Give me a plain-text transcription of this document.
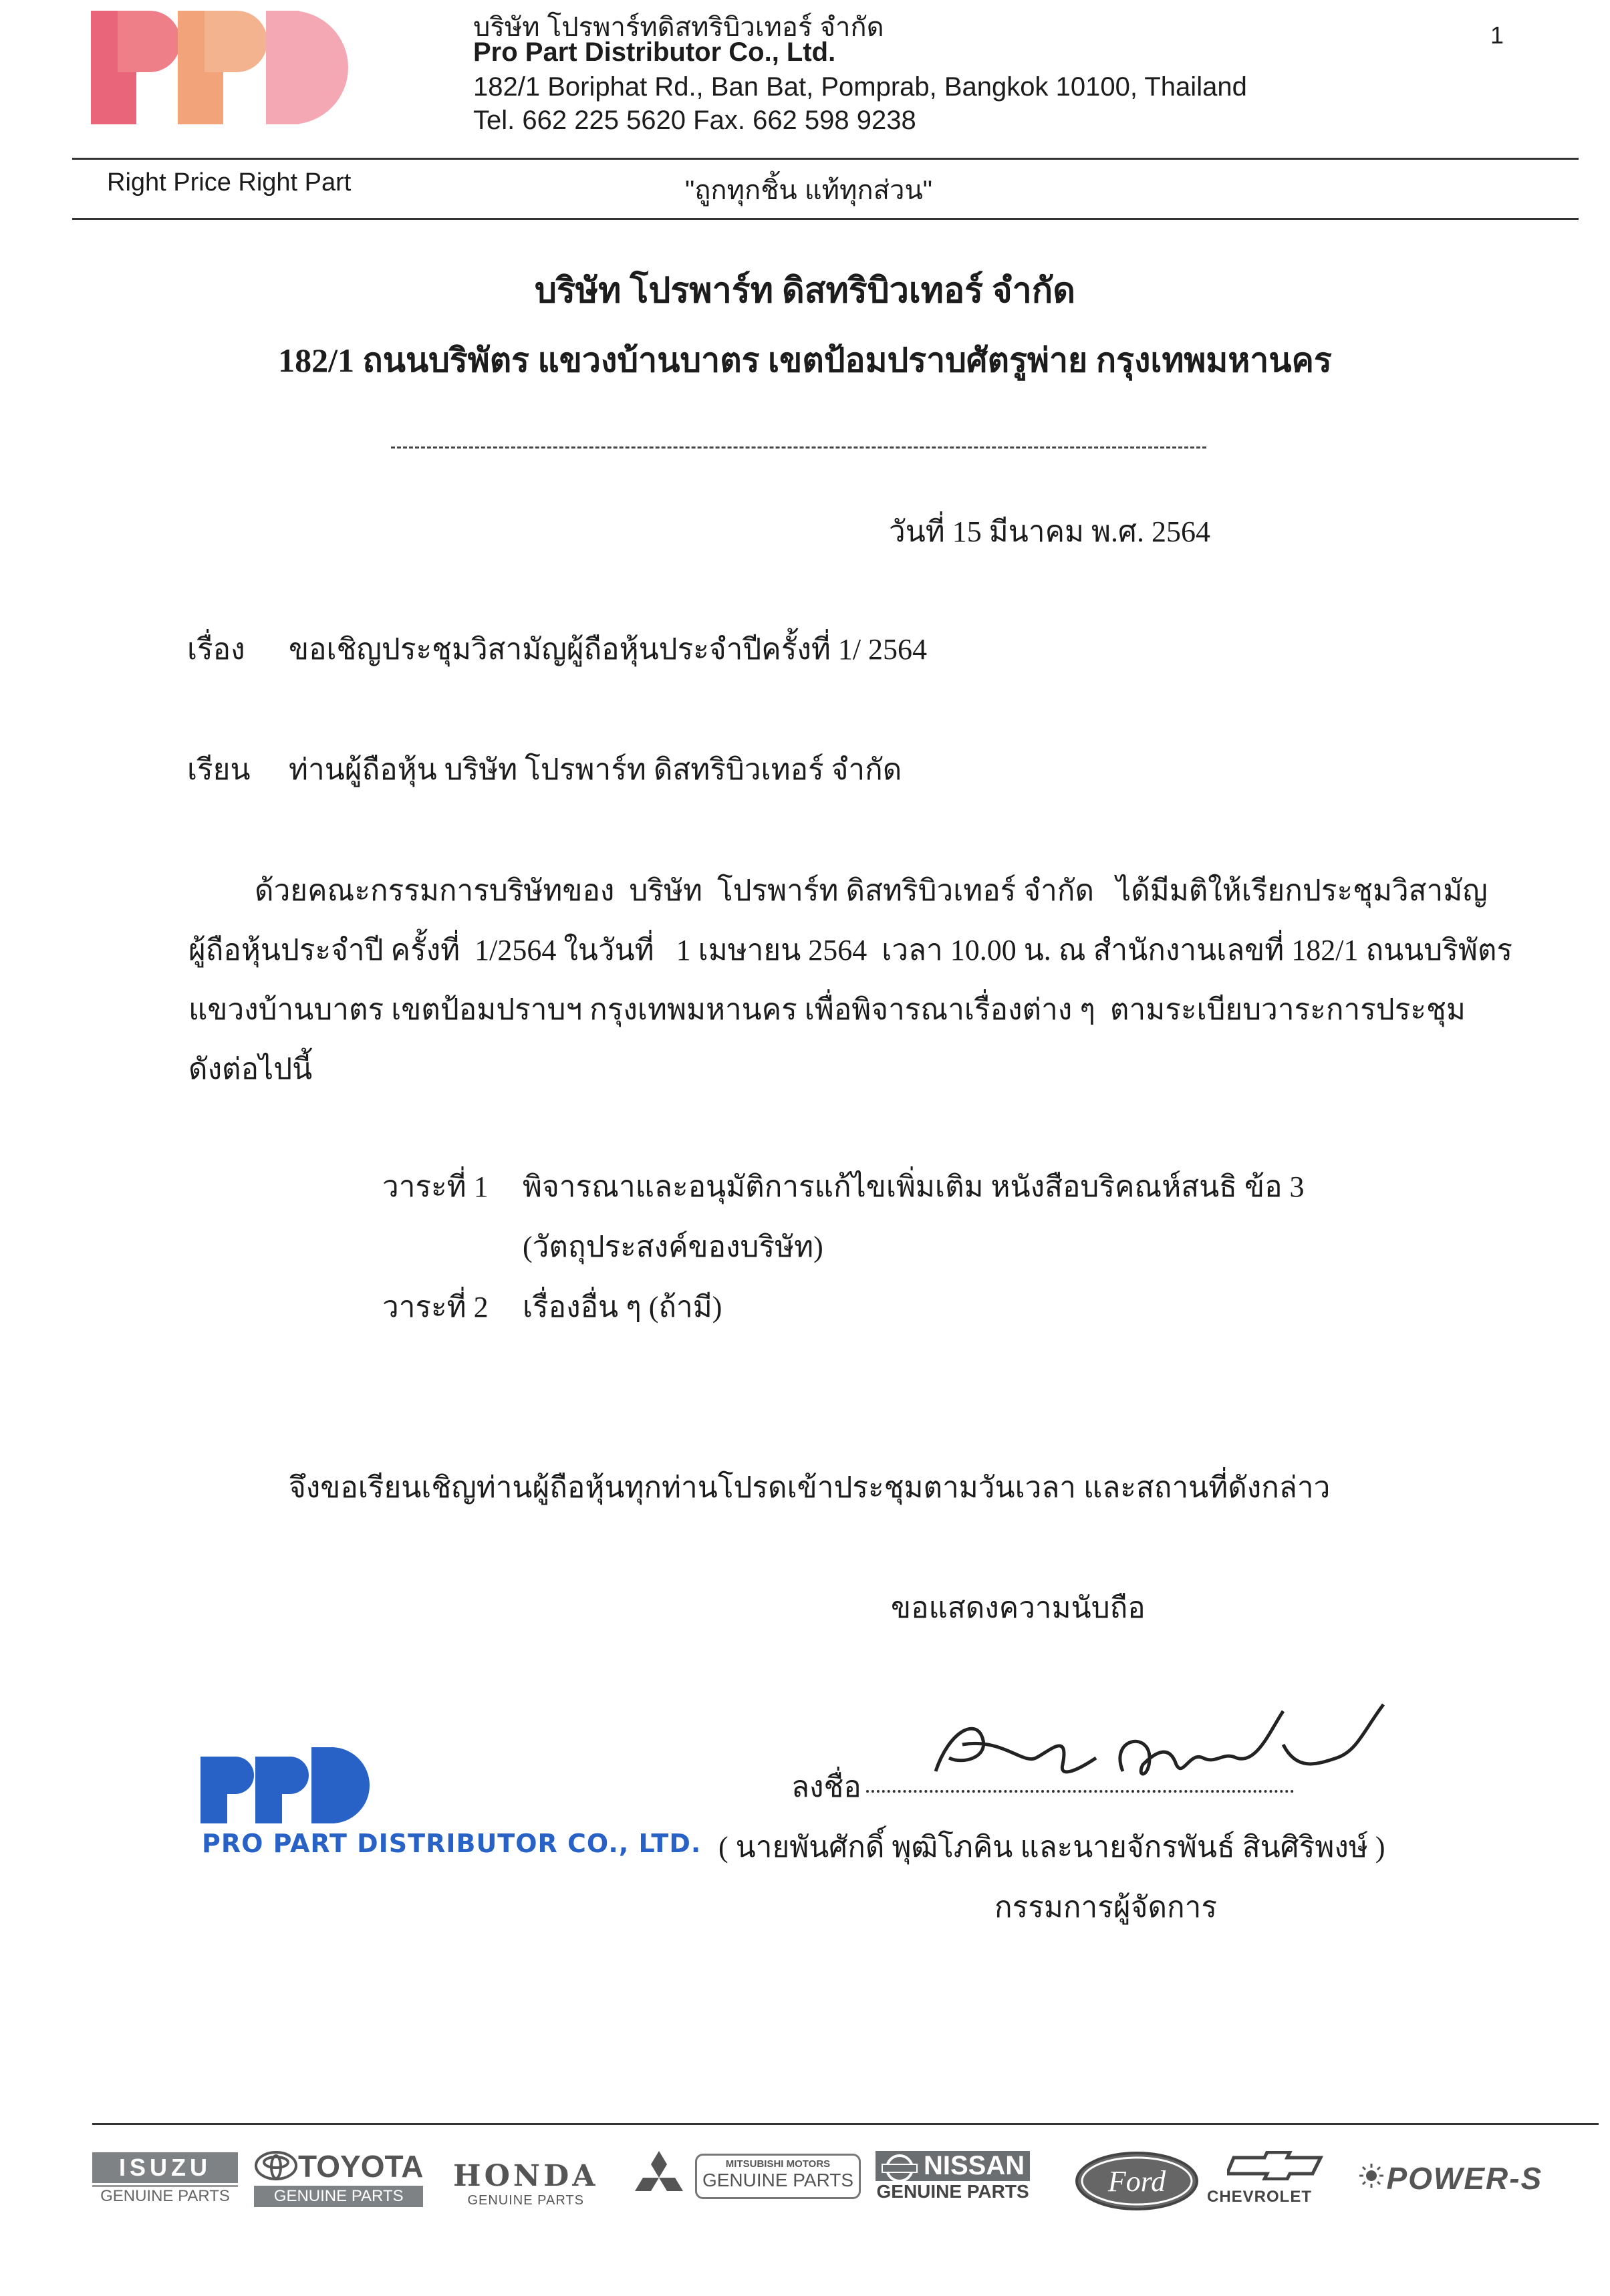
บริษัท โปรพาร์ทดิสทริบิวเทอร์ จำกัด
Pro Part Distributor Co., Ltd.
182/1 Boriphat Rd., Ban Bat, Pomprab, Bangkok 10100, Thailand
Tel. 662 225 5620 Fax. 662 598 9238
1
Right Price Right Part	"ถูกทุกชิ้น แท้ทุกส่วน"
บริษัท โปรพาร์ท ดิสทริบิวเทอร์ จำกัด
182/1 ถนนบริพัตร แขวงบ้านบาตร เขตป้อมปราบศัตรูพ่าย กรุงเทพมหานคร
วันที่ 15 มีนาคม พ.ศ. 2564
เรื่อง ขอเชิญประชุมวิสามัญผู้ถือหุ้นประจำปีครั้งที่ 1/ 2564
เรียน ท่านผู้ถือหุ้น บริษัท โปรพาร์ท ดิสทริบิวเทอร์ จำกัด

ด้วยคณะกรรมการบริษัทของ  บริษัท  โปรพาร์ท ดิสทริบิวเทอร์ จำกัด   ได้มีมติให้เรียกประชุมวิสามัญ

ผู้ถือหุ้นประจำปี ครั้งที่  1/2564 ในวันที่   1 เมษายน 2564  เวลา 10.00 น. ณ สำนักงานเลขที่ 182/1 ถนนบริพัตร

แขวงบ้านบาตร เขตป้อมปราบฯ กรุงเทพมหานคร เพื่อพิจารณาเรื่องต่าง ๆ  ตามระเบียบวาระการประชุม

ดังต่อไปนี้

วาระที่ 1 พิจารณาและอนุมัติการแก้ไขเพิ่มเติม หนังสือบริคณห์สนธิ ข้อ 3
(วัตถุประสงค์ของบริษัท)
วาระที่ 2 เรื่องอื่น ๆ (ถ้ามี)
จึงขอเรียนเชิญท่านผู้ถือหุ้นทุกท่านโปรดเข้าประชุมตามวันเวลา และสถานที่ดังกล่าว
ขอแสดงความนับถือ
PRO PART DISTRIBUTOR CO., LTD.
ลงชื่อ
( นายพันศักดิ์ พุฒิโภคิน และนายจักรพันธ์ สินศิริพงษ์ )
กรรมการผู้จัดการ
ISUZU
GENUINE PARTS
TOYOTA
GENUINE PARTS
HONDA
GENUINE PARTS
MITSUBISHI MOTORS
GENUINE PARTS	NISSAN
GENUINE PARTS	Ford	CHEVROLET
POWER-S
